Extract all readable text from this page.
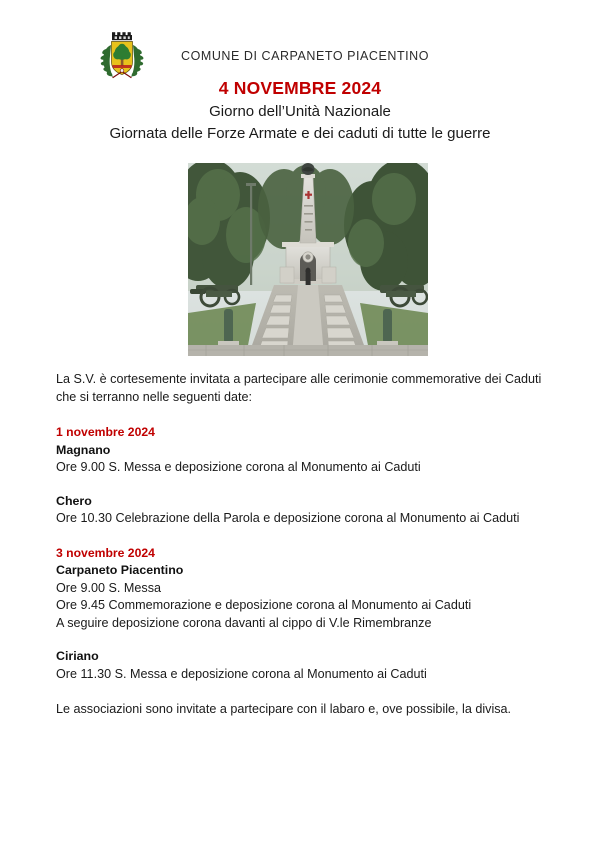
COMUNE DI CARPANETO PIACENTINO
4 NOVEMBRE 2024
Giorno dell’Unità Nazionale
Giornata delle Forze Armate e dei caduti di tutte le guerre
La S.V. è cortesemente invitata a partecipare alle cerimonie commemorative dei Caduti
che si terranno nelle seguenti date:
1 novembre 2024
Magnano
Ore 9.00 S. Messa e deposizione corona al Monumento ai Caduti
Chero
Ore 10.30 Celebrazione della Parola e deposizione corona al Monumento ai Caduti
3 novembre 2024
Carpaneto Piacentino
Ore 9.00 S. Messa
Ore 9.45 Commemorazione e deposizione corona al Monumento ai Caduti
A seguire deposizione corona davanti al cippo di V.le Rimembranze
Ciriano
Ore 11.30 S. Messa e deposizione corona al Monumento ai Caduti
Le associazioni sono invitate a partecipare con il labaro e, ove possibile, la divisa.
